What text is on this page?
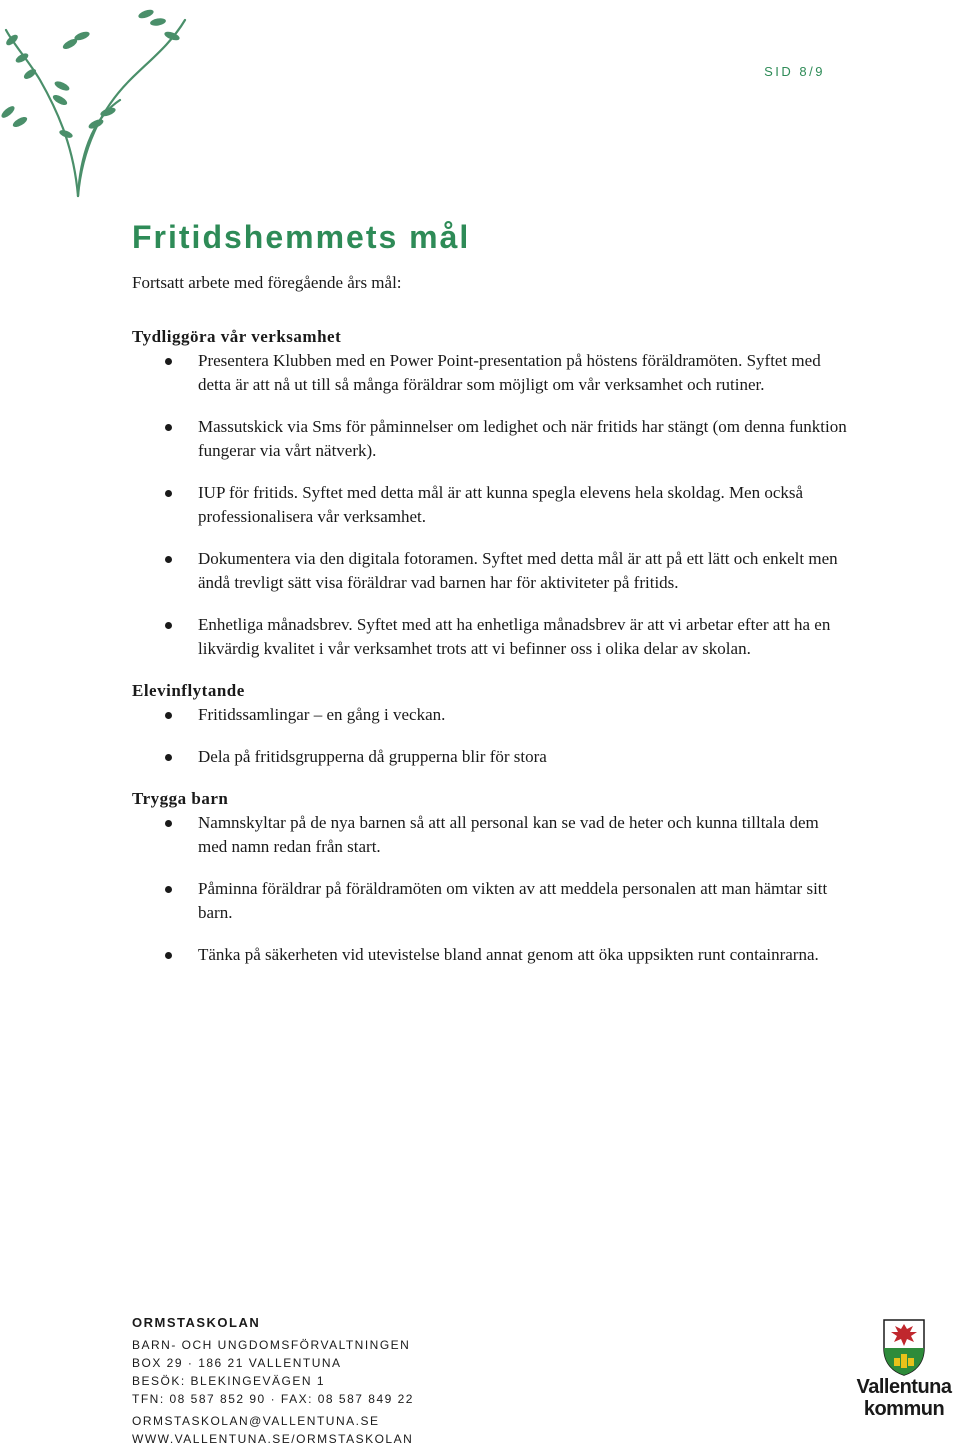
SID 8/9
Fritidshemmets mål

Fortsatt arbete med föregående års mål:

Tydliggöra vår verksamhet
Presentera Klubben med en Power Point-presentation på höstens föräldramöten. Syftet med detta är att nå ut till så många föräldrar som möjligt om vår verksamhet och rutiner.
Massutskick via Sms för påminnelser om ledighet och när fritids har stängt (om denna funktion fungerar via vårt nätverk).
IUP för fritids. Syftet med detta mål är att kunna spegla elevens hela skoldag. Men också professionalisera vår verksamhet.
Dokumentera via den digitala fotoramen. Syftet med detta mål är att på ett lätt och enkelt men ändå trevligt sätt visa föräldrar vad barnen har för aktiviteter på fritids.
Enhetliga månadsbrev. Syftet med att ha enhetliga månadsbrev är att vi arbetar efter att ha en likvärdig kvalitet i vår verksamhet trots att vi befinner oss i olika delar av skolan.
Elevinflytande
Fritidssamlingar – en gång i veckan.
Dela på fritidsgrupperna då grupperna blir för stora
Trygga barn
Namnskyltar på de nya barnen så att all personal kan se vad de heter och kunna tilltala dem med namn redan från start.
Påminna föräldrar på föräldramöten om vikten av att meddela personalen att man hämtar sitt barn.
Tänka på säkerheten vid utevistelse bland annat genom att öka uppsikten runt containrarna.
ORMSTASKOLAN
BARN- OCH UNGDOMSFÖRVALTNINGEN
BOX 29 · 186 21 VALLENTUNA
BESÖK: BLEKINGEVÄGEN 1
TFN: 08 587 852 90 · FAX: 08 587 849 22
ORMSTASKOLAN@VALLENTUNA.SE
WWW.VALLENTUNA.SE/ORMSTASKOLAN
Vallentuna
kommun
